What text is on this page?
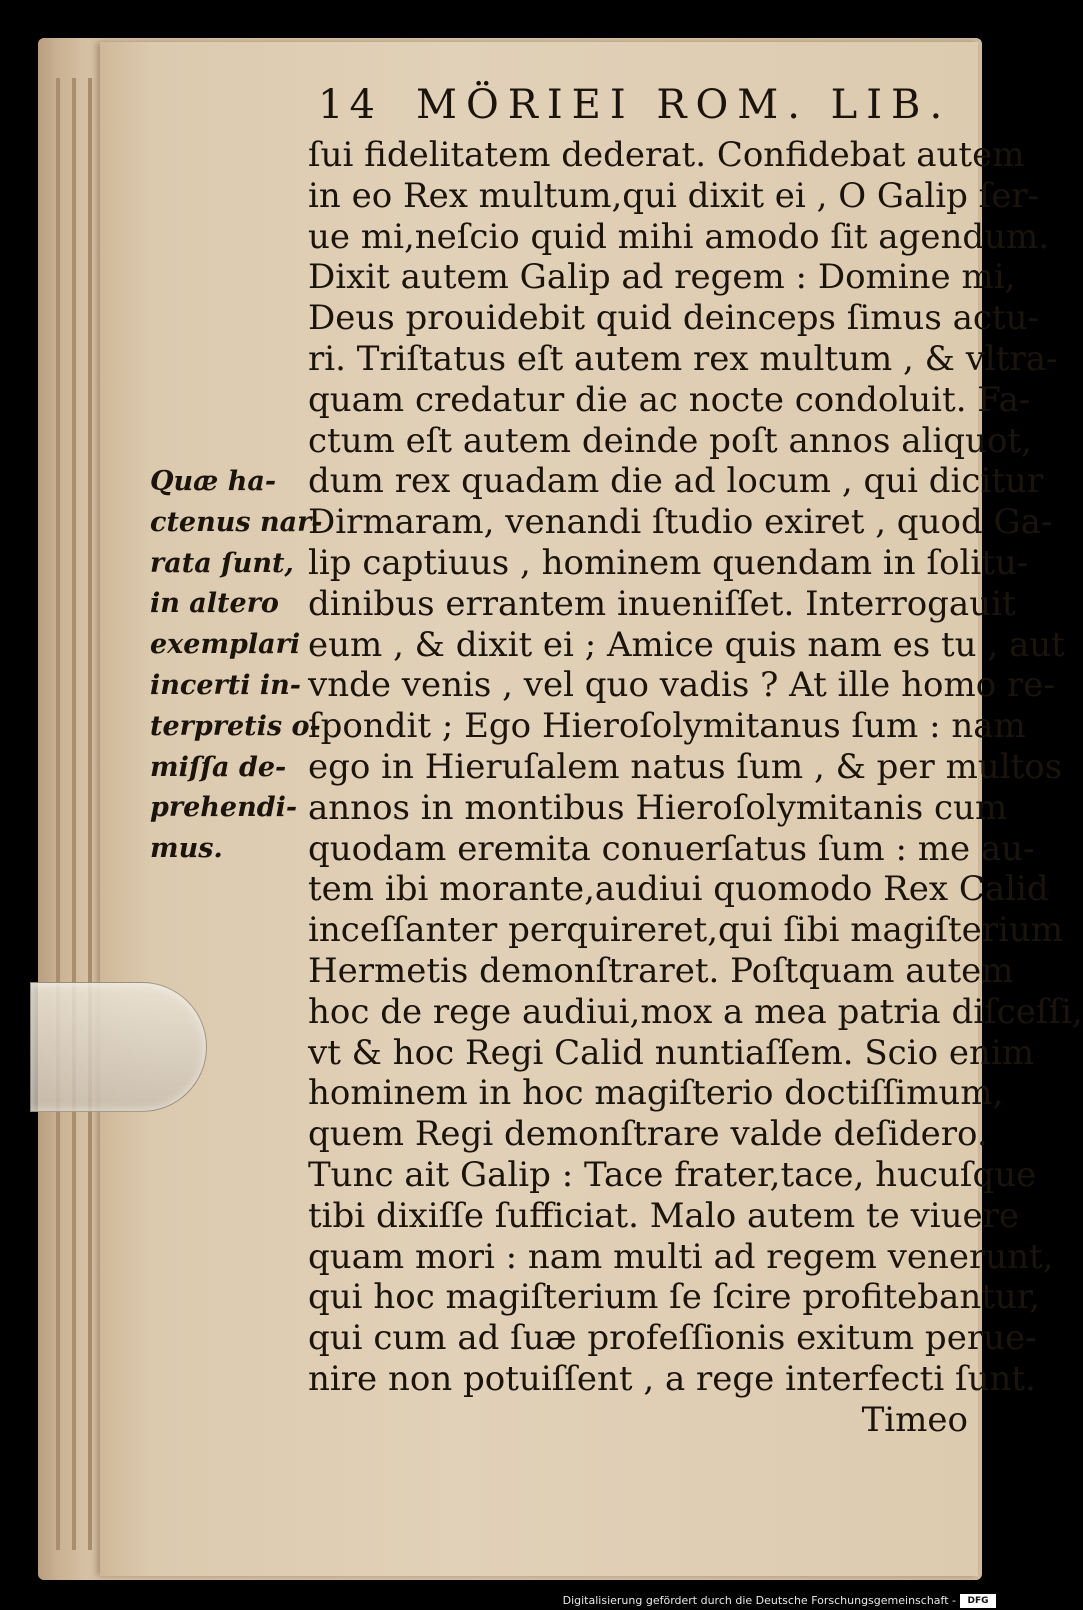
14 MÖRIEI ROM. LIB.
ſui fidelitatem dederat. Confidebat autem
in eo Rex multum,qui dixit ei , O Galip ſer-
ue mi,neſcio quid mihi amodo ſit agendum.
Dixit autem Galip ad regem : Domine mi,
Deus prouidebit quid deinceps ſimus actu-
ri. Triſtatus eſt autem rex multum , & vltra-
quam credatur die ac nocte condoluit. Fa-
ctum eſt autem deinde poſt annos aliquot,
dum rex quadam die ad locum , qui dicitur
Dirmaram, venandi ſtudio exiret , quod Ga-
lip captiuus , hominem quendam in ſolitu-
dinibus errantem inueniſſet. Interrogauit
eum , & dixit ei ; Amice quis nam es tu , aut
vnde venis , vel quo vadis ? At ille homo re-
ſpondit ; Ego Hieroſolymitanus ſum : nam
ego in Hieruſalem natus ſum , & per multos
annos in montibus Hieroſolymitanis cum
quodam eremita conuerſatus ſum : me au-
tem ibi morante,audiui quomodo Rex Calid
inceſſanter perquireret,qui ſibi magiſterium
Hermetis demonſtraret. Poſtquam autem
hoc de rege audiui,mox a mea patria diſceſſi,
vt & hoc Regi Calid nuntiaſſem. Scio enim
hominem in hoc magiſterio doctiſſimum,
quem Regi demonſtrare valde deſidero.
Tunc ait Galip : Tace frater,tace, hucuſque
tibi dixiſſe ſufficiat. Malo autem te viuere
quam mori : nam multi ad regem venerunt,
qui hoc magiſterium ſe ſcire profitebantur,
qui cum ad ſuæ profeſſionis exitum perue-
nire non potuiſſent , a rege interfecti ſunt.
Timeo
Quæ ha-
ctenus nar-
rata ſunt,
in altero
exemplari
incerti in-
terpretis o-
miſſa de-
prehendi-
mus.
Digitalisierung gefördert durch die Deutsche Forschungsgemeinschaft -	DFG
